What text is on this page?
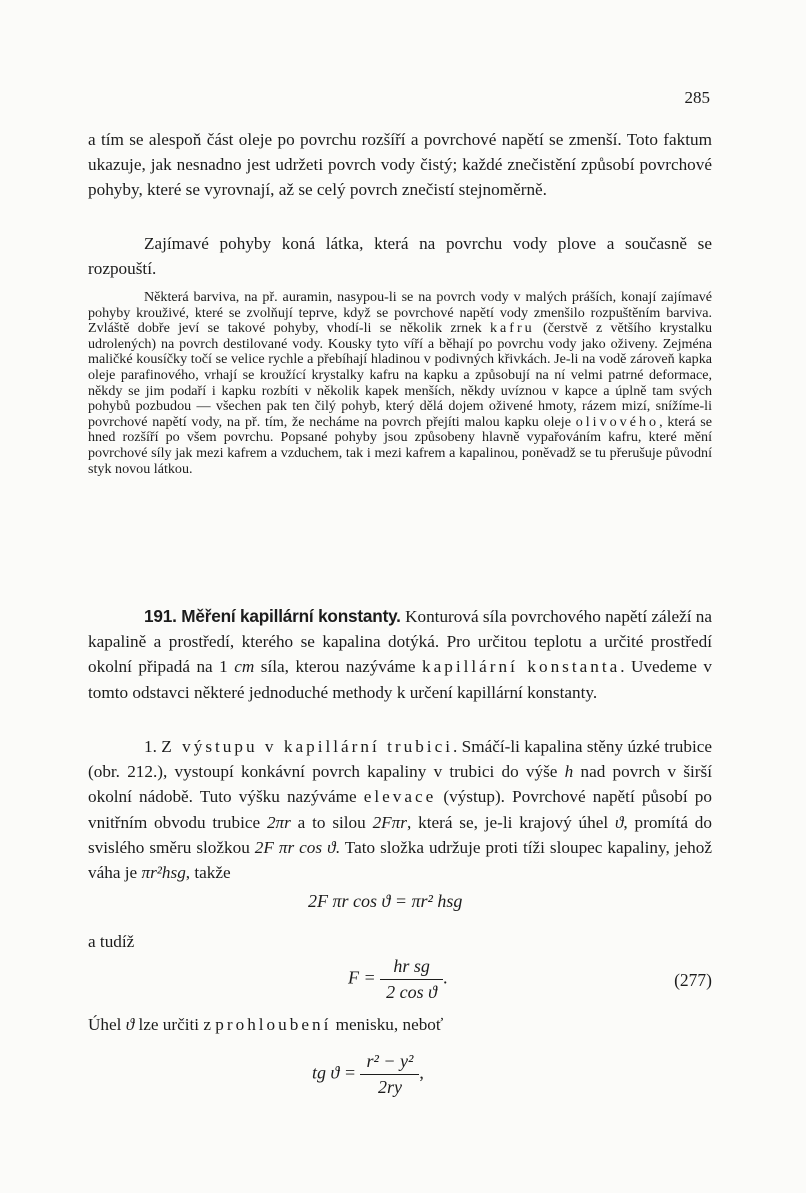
285
a tím se alespoň část oleje po povrchu rozšíří a povrchové napětí se zmenší. Toto faktum ukazuje, jak nesnadno jest udržeti povrch vody čistý; každé znečistění způsobí povrchové pohyby, které se vyrovnají, až se celý povrch znečistí stejnoměrně.
Zajímavé pohyby koná látka, která na povrchu vody plove a současně se rozpouští.
Některá barviva, na př. auramin, nasypou-li se na povrch vody v malých práších, konají zajímavé pohyby krouživé, které se zvolňují teprve, když se povrchové napětí vody zmenšilo rozpuštěním barviva. Zvláště dobře jeví se takové pohyby, vhodí-li se několik zrnek kafru (čerstvě z většího krystalku udrolených) na povrch destilované vody. Kousky tyto víří a běhají po povrchu vody jako oživeny. Zejména maličké kousíčky točí se velice rychle a přebíhají hladinou v podivných křivkách. Je-li na vodě zároveň kapka oleje parafinového, vrhají se kroužící krystalky kafru na kapku a způsobují na ní velmi patrné deformace, někdy se jim podaří i kapku rozbíti v několik kapek menších, někdy uvíznou v kapce a úplně tam svých pohybů pozbudou — všechen pak ten čilý pohyb, který dělá dojem oživené hmoty, rázem mizí, snížíme-li povrchové napětí vody, na př. tím, že necháme na povrch přejíti malou kapku oleje olivového, která se hned rozšíří po všem povrchu. Popsané pohyby jsou způsobeny hlavně vypařováním kafru, které mění povrchové síly jak mezi kafrem a vzduchem, tak i mezi kafrem a kapalinou, poněvadž se tu přerušuje původní styk novou látkou.
191. Měření kapillární konstanty. Konturová síla povrchového napětí záleží na kapalině a prostředí, kterého se kapalina dotýká. Pro určitou teplotu a určité prostředí okolní připadá na 1 cm síla, kterou nazýváme kapillární konstanta. Uvedeme v tomto odstavci některé jednoduché methody k určení kapillární konstanty.
1. Z výstupu v kapillární trubici. Smáčí-li kapalina stěny úzké trubice (obr. 212.), vystoupí konkávní povrch kapaliny v trubici do výše h nad povrch v širší okolní nádobě. Tuto výšku nazýváme elevace (výstup). Povrchové napětí působí po vnitřním obvodu trubice 2πr a to silou 2Fπr, která se, je-li krajový úhel ϑ, promítá do svislého směru složkou 2F πr cos ϑ. Tato složka udržuje proti tíži sloupec kapaliny, jehož váha je πr²hsg, takže
2F πr cos ϑ = πr² hsg
a tudíž
$F = \frac{\text{hr sg}}{\text{2 cos ϑ}}$ .	(277)
Úhel ϑ lze určiti z prohloubení menisku, neboť
tg $ϑ = \frac{\text{r² − y²}}{2ry}$ ,
